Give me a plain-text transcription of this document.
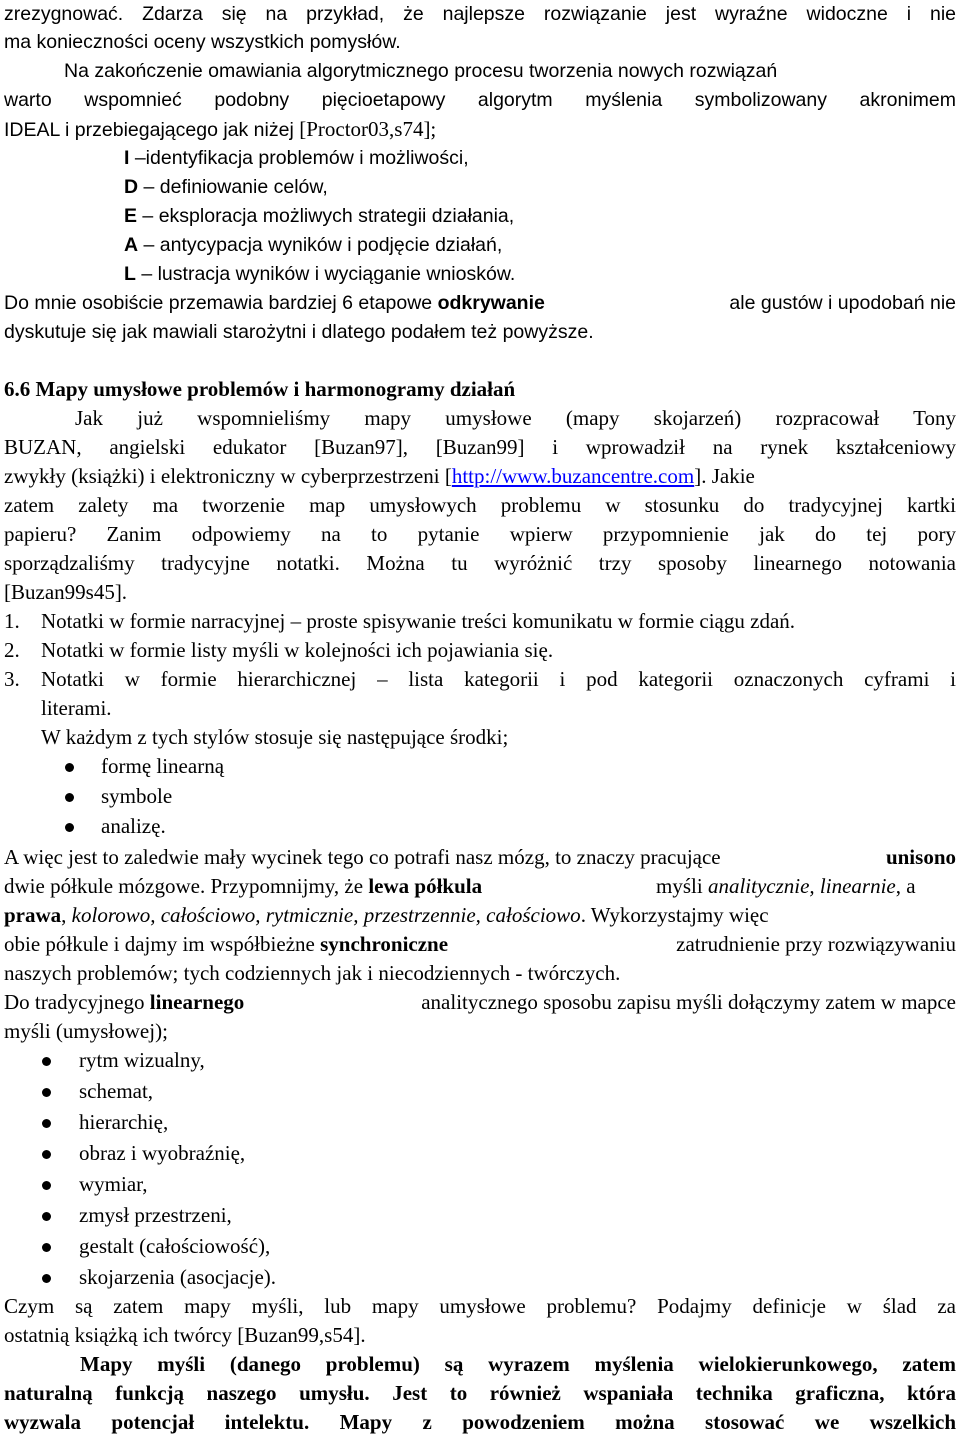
zrezygnować. Zdarza się na przykład, że najlepsze rozwiązanie jest wyraźne widoczne i nie
ma konieczności oceny wszystkich pomysłów.
Na zakończenie omawiania algorytmicznego procesu tworzenia nowych rozwiązań
warto wspomnieć podobny pięcioetapowy algorytm myślenia symbolizowany akronimem
IDEAL i przebiegającego jak niżej [Proctor03,s74];
I –identyfikacja problemów i możliwości,
D – definiowanie celów,
E – eksploracja możliwych strategii działania,
A – antycypacja wyników i podjęcie działań,
L – lustracja wyników i wyciąganie wniosków.
Do mnie osobiście przemawia bardziej 6 etapowe odkrywanie	ale gustów i upodobań nie
dyskutuje się jak mawiali starożytni i dlatego podałem też powyższe.
6.6 Mapy umysłowe problemów i harmonogramy działań
Jak już wspomnieliśmy mapy umysłowe (mapy skojarzeń) rozpracował Tony
BUZAN, angielski edukator [Buzan97], [Buzan99] i wprowadził na rynek kształceniowy
zwykły (książki) i elektroniczny w cyberprzestrzeni [http://www.buzancentre.com]. Jakie
zatem zalety ma tworzenie map umysłowych problemu w stosunku do tradycyjnej kartki
papieru? Zanim odpowiemy na to pytanie wpierw przypomnienie jak do tej pory
sporządzaliśmy tradycyjne notatki. Można tu wyróżnić trzy sposoby linearnego notowania
[Buzan99s45].
1. Notatki w formie narracyjnej – proste spisywanie treści komunikatu w formie ciągu zdań.
2. Notatki w formie listy myśli w kolejności ich pojawiania się.
3. Notatki w formie hierarchicznej – lista kategorii i pod kategorii oznaczonych cyframi i
literami.
W każdym z tych stylów stosuje się następujące środki;
formę linearną
symbole
analizę.
A więc jest to zaledwie mały wycinek tego co potrafi nasz mózg, to znaczy pracujące	unisono
dwie półkule mózgowe. Przypomnijmy, że lewa półkula	myśli analitycznie, linearnie, a
prawa, kolorowo, całościowo, rytmicznie, przestrzennie, całościowo. Wykorzystajmy więc
obie półkule i dajmy im współbieżne synchroniczne	zatrudnienie przy rozwiązywaniu
naszych problemów; tych codziennych jak i niecodziennych - twórczych.
Do tradycyjnego linearnego	analitycznego sposobu zapisu myśli dołączymy zatem w mapce
myśli (umysłowej);
rytm wizualny,
schemat,
hierarchię,
obraz i wyobraźnię,
wymiar,
zmysł przestrzeni,
gestalt (całościowość),
skojarzenia (asocjacje).
Czym są zatem mapy myśli, lub mapy umysłowe problemu? Podajmy definicje w ślad za
ostatnią książką ich twórcy [Buzan99,s54].
Mapy myśli (danego problemu) są wyrazem myślenia wielokierunkowego, zatem
naturalną funkcją naszego umysłu. Jest to również wspaniała technika graficzna, która
wyzwala potencjał intelektu. Mapy z powodzeniem można stosować we wszelkich
